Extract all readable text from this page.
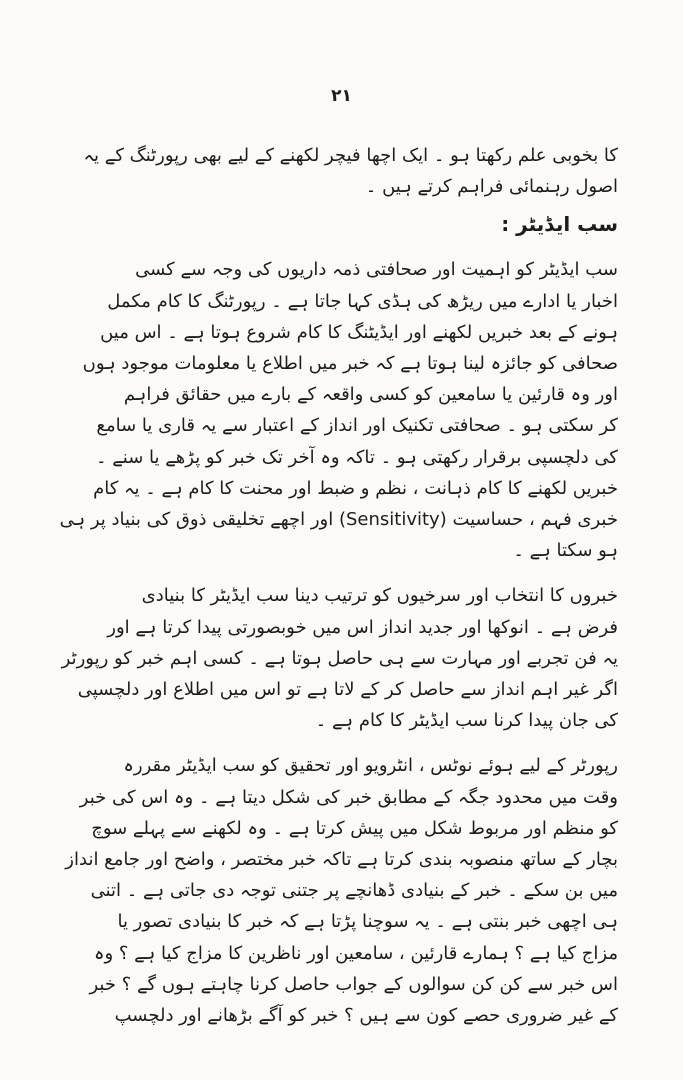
۲۱

کا بخوبی علم رکھتا ہو ۔ ایک اچھا فیچر لکھنے کے لیے بھی رپورٹنگ کے یہ
اصول رہنمائی فراہم کرتے ہیں ۔

سب ایڈیٹر :

سب ایڈیٹر کو اہمیت اور صحافتی ذمہ داریوں کی وجہ سے کسی
اخبار یا ادارے میں ریڑھ کی ہڈی کہا جاتا ہے ۔ رپورٹنگ کا کام مکمل
ہونے کے بعد خبریں لکھنے اور ایڈیٹنگ کا کام شروع ہوتا ہے ۔ اس میں
صحافی کو جائزہ لینا ہوتا ہے کہ خبر میں اطلاع یا معلومات موجود ہوں
اور وہ قارئین یا سامعین کو کسی واقعہ کے بارے میں حقائق فراہم
کر سکتی ہو ۔ صحافتی تکنیک اور انداز کے اعتبار سے یہ قاری یا سامع
کی دلچسپی برقرار رکھتی ہو ۔ تاکہ وہ آخر تک خبر کو پڑھے یا سنے ۔
خبریں لکھنے کا کام ذہانت ، نظم و ضبط اور محنت کا کام ہے ۔ یہ کام
خبری فہم ، حساسیت (Sensitivity) اور اچھے تخلیقی ذوق کی بنیاد پر ہی
ہو سکتا ہے ۔

خبروں کا انتخاب اور سرخیوں کو ترتیب دینا سب ایڈیٹر کا بنیادی
فرض ہے ۔ انوکھا اور جدید انداز اس میں خوبصورتی پیدا کرتا ہے اور
یہ فن تجربے اور مہارت سے ہی حاصل ہوتا ہے ۔ کسی اہم خبر کو رپورٹر
اگر غیر اہم انداز سے حاصل کر کے لاتا ہے تو اس میں اطلاع اور دلچسپی
کی جان پیدا کرنا سب ایڈیٹر کا کام ہے ۔

رپورٹر کے لیے ہوئے نوٹس ، انٹرویو اور تحقیق کو سب ایڈیٹر مقررہ
وقت میں محدود جگہ کے مطابق خبر کی شکل دیتا ہے ۔ وہ اس کی خبر
کو منظم اور مربوط شکل میں پیش کرتا ہے ۔ وہ لکھنے سے پہلے سوچ
بچار کے ساتھ منصوبہ بندی کرتا ہے تاکہ خبر مختصر ، واضح اور جامع انداز
میں بن سکے ۔ خبر کے بنیادی ڈھانچے پر جتنی توجہ دی جاتی ہے ۔ اتنی
ہی اچھی خبر بنتی ہے ۔ یہ سوچنا پڑتا ہے کہ خبر کا بنیادی تصور یا
مزاج کیا ہے ؟ ہمارے قارئین ، سامعین اور ناظرین کا مزاج کیا ہے ؟ وہ
اس خبر سے کن کن سوالوں کے جواب حاصل کرنا چاہتے ہوں گے ؟ خبر
کے غیر ضروری حصے کون سے ہیں ؟ خبر کو آگے بڑھانے اور دلچسپ
